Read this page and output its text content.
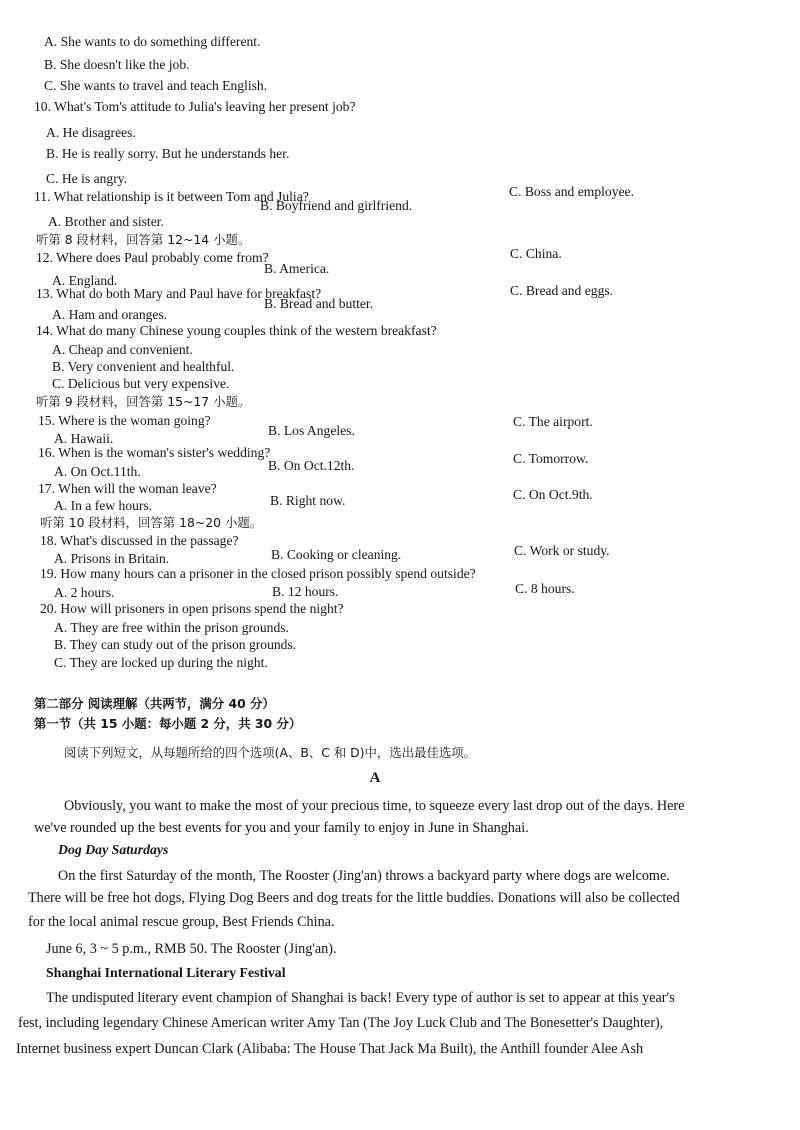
A. She wants to do something different.
B. She doesn't like the job.
C. She wants to travel and teach English.
10. What's Tom's attitude to Julia's leaving her present job?
A. He disagrees.
B. He is really sorry. But he understands her.
C. He is angry.
11. What relationship is it between Tom and Julia?	C. Boss and employee.
B. Boyfriend and girlfriend.
A. Brother and sister.
听第 8 段材料，回答第 12~14 小题。
12. Where does Paul probably come from?	C. China.
B. America.
A. England.
13. What do both Mary and Paul have for breakfast?	C. Bread and eggs.
B. Bread and butter.
A. Ham and oranges.
14. What do many Chinese young couples think of the western breakfast?
A. Cheap and convenient.
B. Very convenient and healthful.
C. Delicious but very expensive.
听第 9 段材料，回答第 15~17 小题。
15. Where is the woman going?	C. The airport.
B. Los Angeles.
A. Hawaii.
16. When is the woman's sister's wedding?	C. Tomorrow.
B. On Oct.12th.
A. On Oct.11th.
17. When will the woman leave?	C. On Oct.9th.
B. Right now.
A. In a few hours.
听第 10 段材料，回答第 18~20 小题。
18. What's discussed in the passage?
A. Prisons in Britain.	B. Cooking or cleaning.	C. Work or study.
19. How many hours can a prisoner in the closed prison possibly spend outside?
A. 2 hours.	B. 12 hours.	C. 8 hours.
20. How will prisoners in open prisons spend the night?
A. They are free within the prison grounds.
B. They can study out of the prison grounds.
C. They are locked up during the night.
第二部分 阅读理解（共两节，满分 40 分）
第一节（共 15 小题：每小题 2 分，共 30 分）
阅读下列短文，从每题所给的四个选项(A、B、C 和 D)中，选出最佳选项。
A
Obviously, you want to make the most of your precious time, to squeeze every last drop out of the days. Here
we've rounded up the best events for you and your family to enjoy in June in Shanghai.
Dog Day Saturdays
On the first Saturday of the month, The Rooster (Jing'an) throws a backyard party where dogs are welcome.
There will be free hot dogs, Flying Dog Beers and dog treats for the little buddies. Donations will also be collected
for the local animal rescue group, Best Friends China.
June 6, 3 ~ 5 p.m., RMB 50. The Rooster (Jing'an).
Shanghai International Literary Festival
The undisputed literary event champion of Shanghai is back! Every type of author is set to appear at this year's
fest, including legendary Chinese American writer Amy Tan (The Joy Luck Club and The Bonesetter's Daughter),
Internet business expert Duncan Clark (Alibaba: The House That Jack Ma Built), the Anthill founder Alee Ash
